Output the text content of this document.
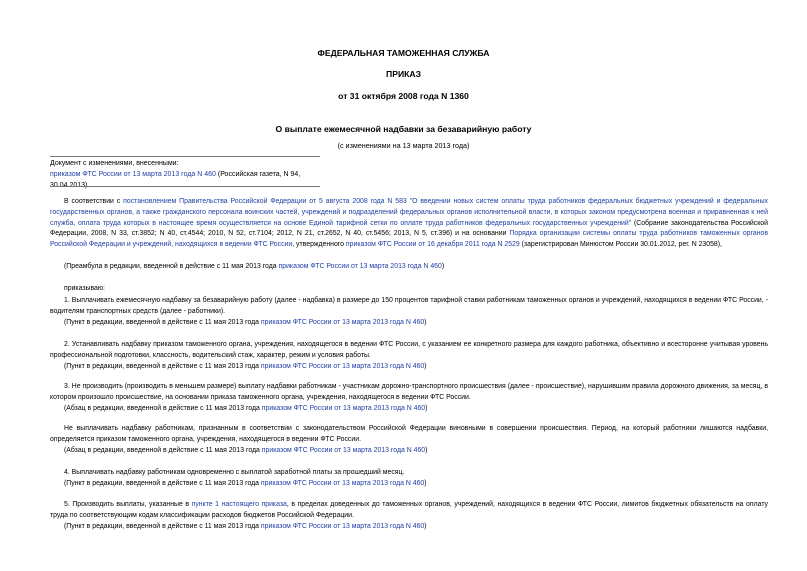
ФЕДЕРАЛЬНАЯ ТАМОЖЕННАЯ СЛУЖБА
ПРИКАЗ
от 31 октября 2008 года N 1360
О выплате ежемесячной надбавки за безаварийную работу
(с изменениями на 13 марта 2013 года)
Документ с изменениями, внесенными:
приказом ФТС России от 13 марта 2013 года N 460 (Российская газета, N 94, 30.04.2013).
В соответствии с постановлением Правительства Российской Федерации от 5 августа 2008 года N 583 "О введении новых систем оплаты труда работников федеральных бюджетных учреждений и федеральных государственных органов, а также гражданского персонала воинских частей, учреждений и подразделений федеральных органов исполнительной власти, в которых законом предусмотрена военная и приравненная к ней служба, оплата труда которых в настоящее время осуществляется на основе Единой тарифной сетки по оплате труда работников федеральных государственных учреждений" (Собрание законодательства Российской Федерации, 2008, N 33, ст.3852; N 40, ст.4544; 2010, N 52, ст.7104; 2012, N 21, ст.2652, N 40, ст.5456; 2013, N 5, ст.396) и на основании Порядка организации системы оплаты труда работников таможенных органов Российской Федерации и учреждений, находящихся в ведении ФТС России, утвержденного приказом ФТС России от 16 декабря 2011 года N 2529 (зарегистрирован Минюстом России 30.01.2012, рег. N 23058),
(Преамбула в редакции, введенной в действие с 11 мая 2013 года приказом ФТС России от 13 марта 2013 года N 460)
приказываю:
1. Выплачивать ежемесячную надбавку за безаварийную работу (далее - надбавка) в размере до 150 процентов тарифной ставки работникам таможенных органов и учреждений, находящихся в ведении ФТС России, - водителям транспортных средств (далее - работники).
(Пункт в редакции, введенной в действие с 11 мая 2013 года приказом ФТС России от 13 марта 2013 года N 460)
2. Устанавливать надбавку приказом таможенного органа, учреждения, находящегося в ведении ФТС России, с указанием ее конкретного размера для каждого работника, объективно и всесторонне учитывая уровень профессиональной подготовки, классность, водительский стаж, характер, режим и условия работы.
(Пункт в редакции, введенной в действие с 11 мая 2013 года приказом ФТС России от 13 марта 2013 года N 460)
3. Не производить (производить в меньшем размере) выплату надбавки работникам - участникам дорожно-транспортного происшествия (далее - происшествие), нарушившим правила дорожного движения, за месяц, в котором произошло происшествие, на основании приказа таможенного органа, учреждения, находящегося в ведении ФТС России.
(Абзац в редакции, введенной в действие с 11 мая 2013 года приказом ФТС России от 13 марта 2013 года N 460)
Не выплачивать надбавку работникам, признанным в соответствии с законодательством Российской Федерации виновными в совершении происшествия. Период, на который работники лишаются надбавки, определяется приказом таможенного органа, учреждения, находящегося в ведении ФТС России.
(Абзац в редакции, введенной в действие с 11 мая 2013 года приказом ФТС России от 13 марта 2013 года N 460)
4. Выплачивать надбавку работникам одновременно с выплатой заработной платы за прошедший месяц.
(Пункт в редакции, введенной в действие с 11 мая 2013 года приказом ФТС России от 13 марта 2013 года N 460)
5. Производить выплаты, указанные в пункте 1 настоящего приказа, в пределах доведенных до таможенных органов, учреждений, находящихся в ведении ФТС России, лимитов бюджетных обязательств на оплату труда по соответствующим кодам классификации расходов бюджетов Российской Федерации.
(Пункт в редакции, введенной в действие с 11 мая 2013 года приказом ФТС России от 13 марта 2013 года N 460)
